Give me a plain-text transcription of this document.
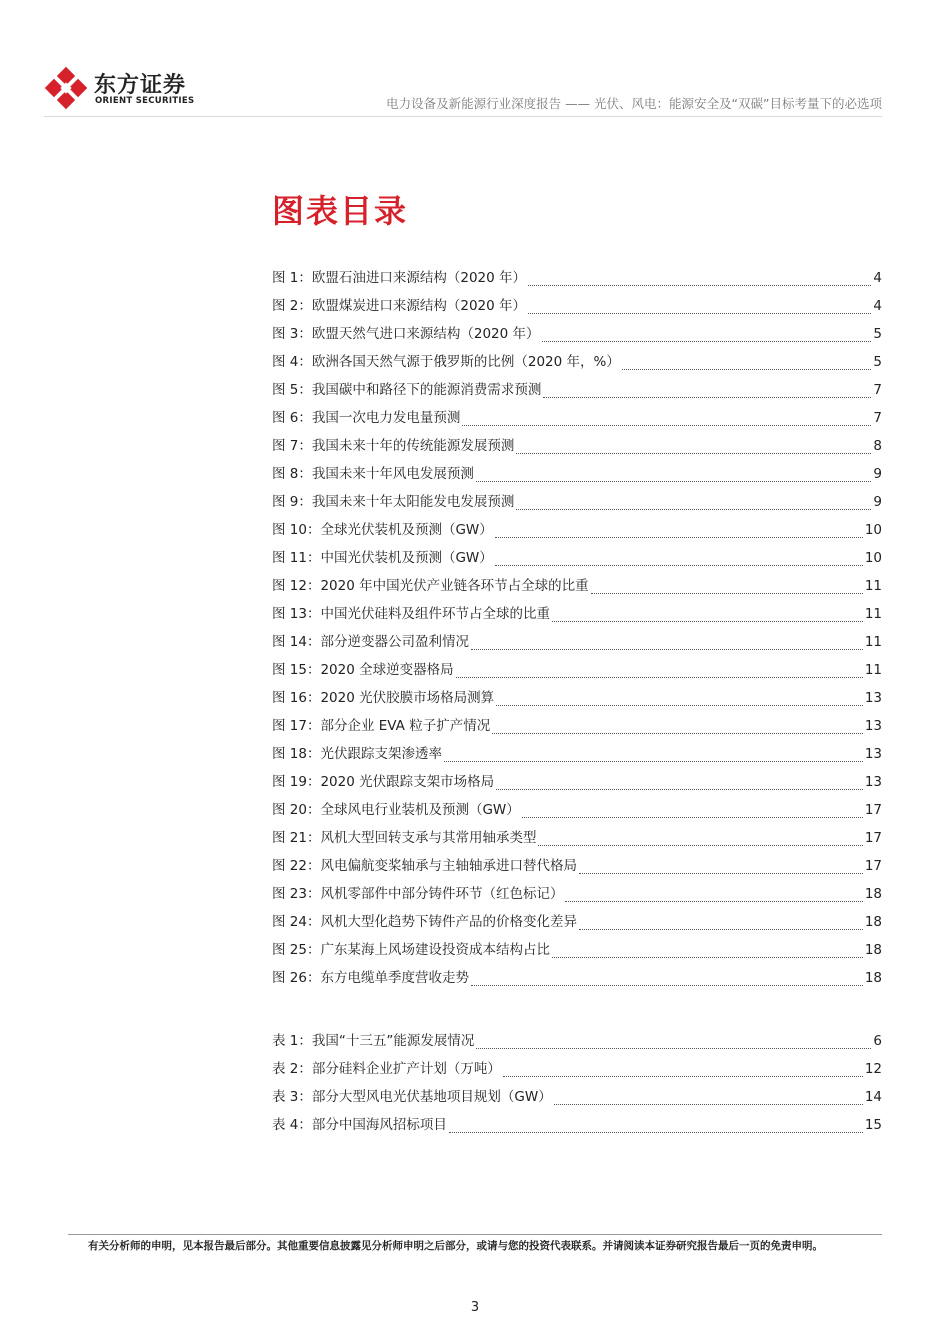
东方证券
ORIENT SECURITIES	电力设备及新能源行业深度报告 —— 光伏、风电：能源安全及“双碳”目标考量下的必选项
图表目录
图 1：欧盟石油进口来源结构（2020 年）	4
图 2：欧盟煤炭进口来源结构（2020 年）	4
图 3：欧盟天然气进口来源结构（2020 年）	5
图 4：欧洲各国天然气源于俄罗斯的比例（2020 年，%）	5
图 5：我国碳中和路径下的能源消费需求预测	7
图 6：我国一次电力发电量预测	7
图 7：我国未来十年的传统能源发展预测	8
图 8：我国未来十年风电发展预测	9
图 9：我国未来十年太阳能发电发展预测	9
图 10：全球光伏装机及预测（GW）	10
图 11：中国光伏装机及预测（GW）	10
图 12：2020 年中国光伏产业链各环节占全球的比重	11
图 13：中国光伏硅料及组件环节占全球的比重	11
图 14：部分逆变器公司盈利情况	11
图 15：2020 全球逆变器格局	11
图 16：2020 光伏胶膜市场格局测算	13
图 17：部分企业 EVA 粒子扩产情况	13
图 18：光伏跟踪支架渗透率	13
图 19：2020 光伏跟踪支架市场格局	13
图 20：全球风电行业装机及预测（GW）	17
图 21：风机大型回转支承与其常用轴承类型	17
图 22：风电偏航变桨轴承与主轴轴承进口替代格局	17
图 23：风机零部件中部分铸件环节（红色标记）	18
图 24：风机大型化趋势下铸件产品的价格变化差异	18
图 25：广东某海上风场建设投资成本结构占比	18
图 26：东方电缆单季度营收走势	18
表 1：我国“十三五”能源发展情况	6
表 2：部分硅料企业扩产计划（万吨）	12
表 3：部分大型风电光伏基地项目规划（GW）	14
表 4：部分中国海风招标项目	15
有关分析师的申明，见本报告最后部分。其他重要信息披露见分析师申明之后部分，或请与您的投资代表联系。并请阅读本证券研究报告最后一页的免责申明。
3
